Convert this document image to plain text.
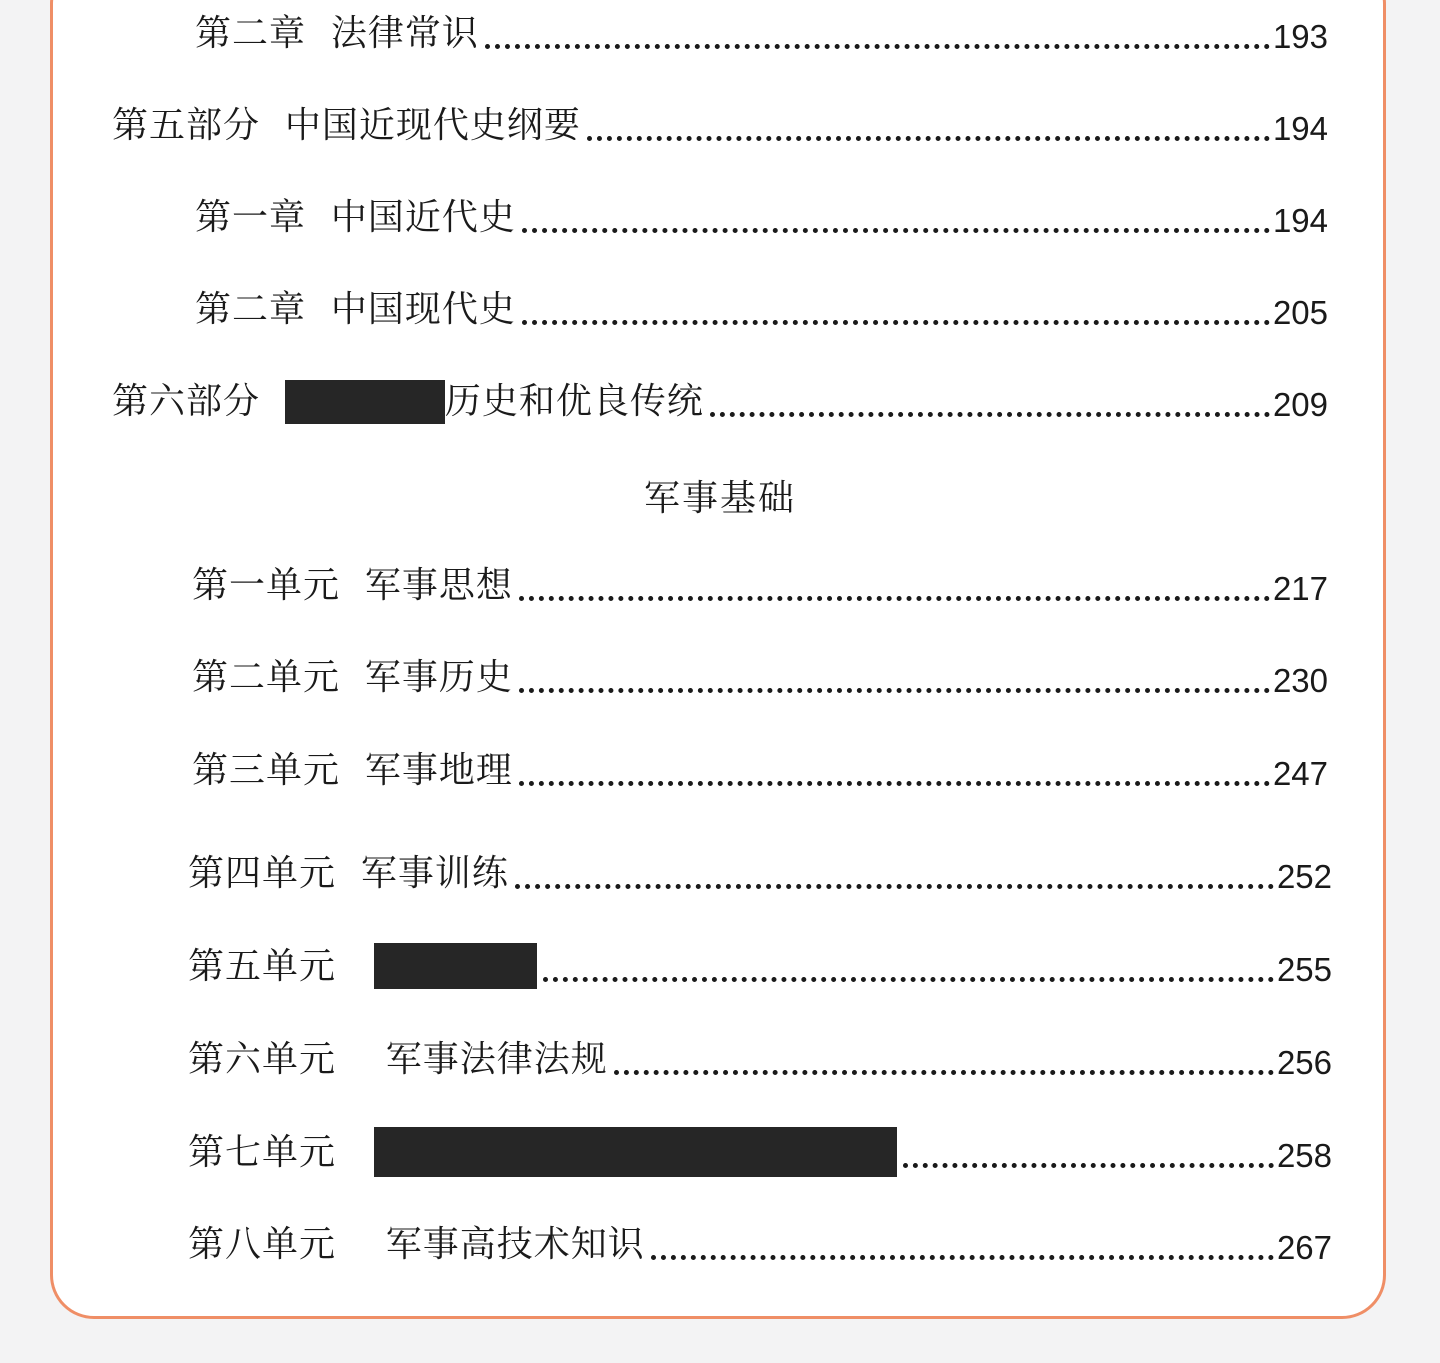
第二章  法律常识	193
第五部分  中国近现代史纲要	194
第一章  中国近代史	194
第二章  中国现代史	205
第六部分	历史和优良传统	209
军事基础
第一单元  军事思想	217
第二单元  军事历史	230
第三单元  军事地理	247
第四单元  军事训练	252
第五单元	255
第六单元    军事法律法规	256
第七单元	258
第八单元    军事高技术知识	267
